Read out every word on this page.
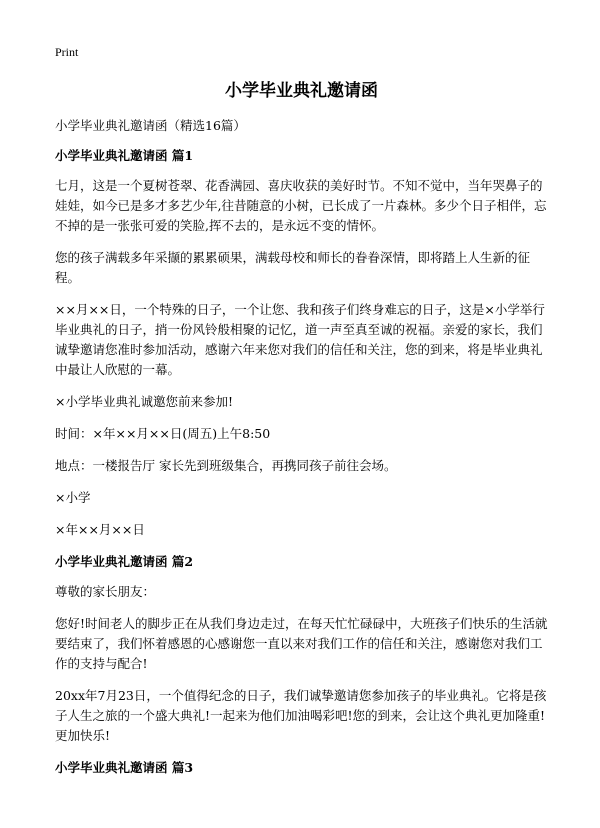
Print
小学毕业典礼邀请函
小学毕业典礼邀请函（精选16篇）
小学毕业典礼邀请函 篇1

七月，这是一个夏树苍翠、花香满园、喜庆收获的美好时节。不知不觉中，当年哭鼻子的娃娃，如今已是多才多艺少年,往昔随意的小树，已长成了一片森林。多少个日子相伴，忘不掉的是一张张可爱的笑脸,挥不去的，是永远不变的情怀。

您的孩子满载多年采撷的累累硕果，满载母校和师长的眷眷深情，即将踏上人生新的征程。

××月××日，一个特殊的日子，一个让您、我和孩子们终身难忘的日子，这是×小学举行毕业典礼的日子，捎一份风铃般相聚的记忆，道一声至真至诚的祝福。亲爱的家长，我们诚挚邀请您准时参加活动，感谢六年来您对我们的信任和关注，您的到来，将是毕业典礼中最让人欣慰的一幕。

×小学毕业典礼诚邀您前来参加!

时间：×年××月××日(周五)上午8:50

地点：一楼报告厅 家长先到班级集合，再携同孩子前往会场。

×小学

×年××月××日

小学毕业典礼邀请函 篇2

尊敬的家长朋友：

您好!时间老人的脚步正在从我们身边走过，在每天忙忙碌碌中，大班孩子们快乐的生活就要结束了，我们怀着感恩的心感谢您一直以来对我们工作的信任和关注，感谢您对我们工作的支持与配合!

20xx年7月23日，一个值得纪念的日子，我们诚挚邀请您参加孩子的毕业典礼。它将是孩子人生之旅的一个盛大典礼!一起来为他们加油喝彩吧!您的到来，会让这个典礼更加隆重!更加快乐!

小学毕业典礼邀请函 篇3
